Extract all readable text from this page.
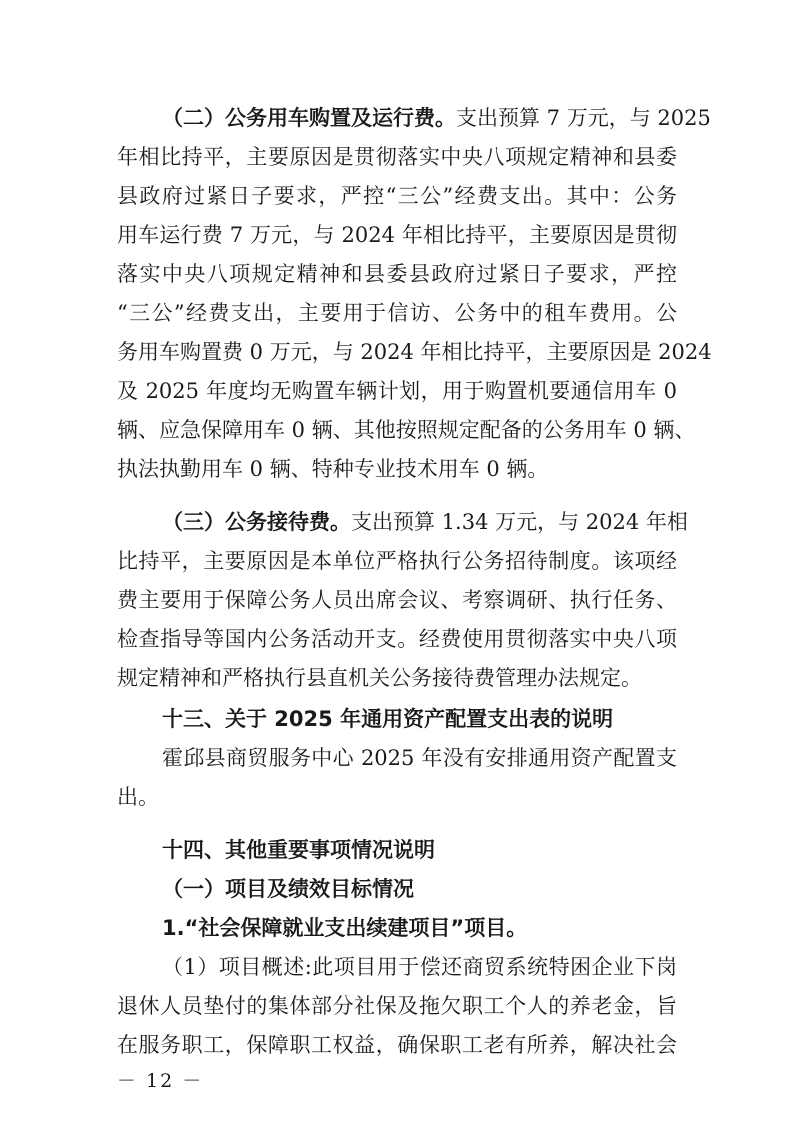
（二）公务用车购置及运行费。支出预算 7 万元，与 2025
年相比持平，主要原因是贯彻落实中央八项规定精神和县委
县政府过紧日子要求，严控“三公”经费支出。其中：公务
用车运行费 7 万元，与 2024 年相比持平，主要原因是贯彻
落实中央八项规定精神和县委县政府过紧日子要求，严控
“三公”经费支出，主要用于信访、公务中的租车费用。公
务用车购置费 0 万元，与 2024 年相比持平，主要原因是 2024
及 2025 年度均无购置车辆计划，用于购置机要通信用车 0
辆、应急保障用车 0 辆、其他按照规定配备的公务用车 0 辆、
执法执勤用车 0 辆、特种专业技术用车 0 辆。
（三）公务接待费。支出预算 1.34 万元，与 2024 年相
比持平，主要原因是本单位严格执行公务招待制度。该项经
费主要用于保障公务人员出席会议、考察调研、执行任务、
检查指导等国内公务活动开支。经费使用贯彻落实中央八项
规定精神和严格执行县直机关公务接待费管理办法规定。
十三、关于 2025 年通用资产配置支出表的说明
霍邱县商贸服务中心 2025 年没有安排通用资产配置支
出。
十四、其他重要事项情况说明
（一）项目及绩效目标情况
1.“社会保障就业支出续建项目”项目。
（1）项目概述:此项目用于偿还商贸系统特困企业下岗
退休人员垫付的集体部分社保及拖欠职工个人的养老金，旨
在服务职工，保障职工权益，确保职工老有所养，解决社会
－ 12 －
